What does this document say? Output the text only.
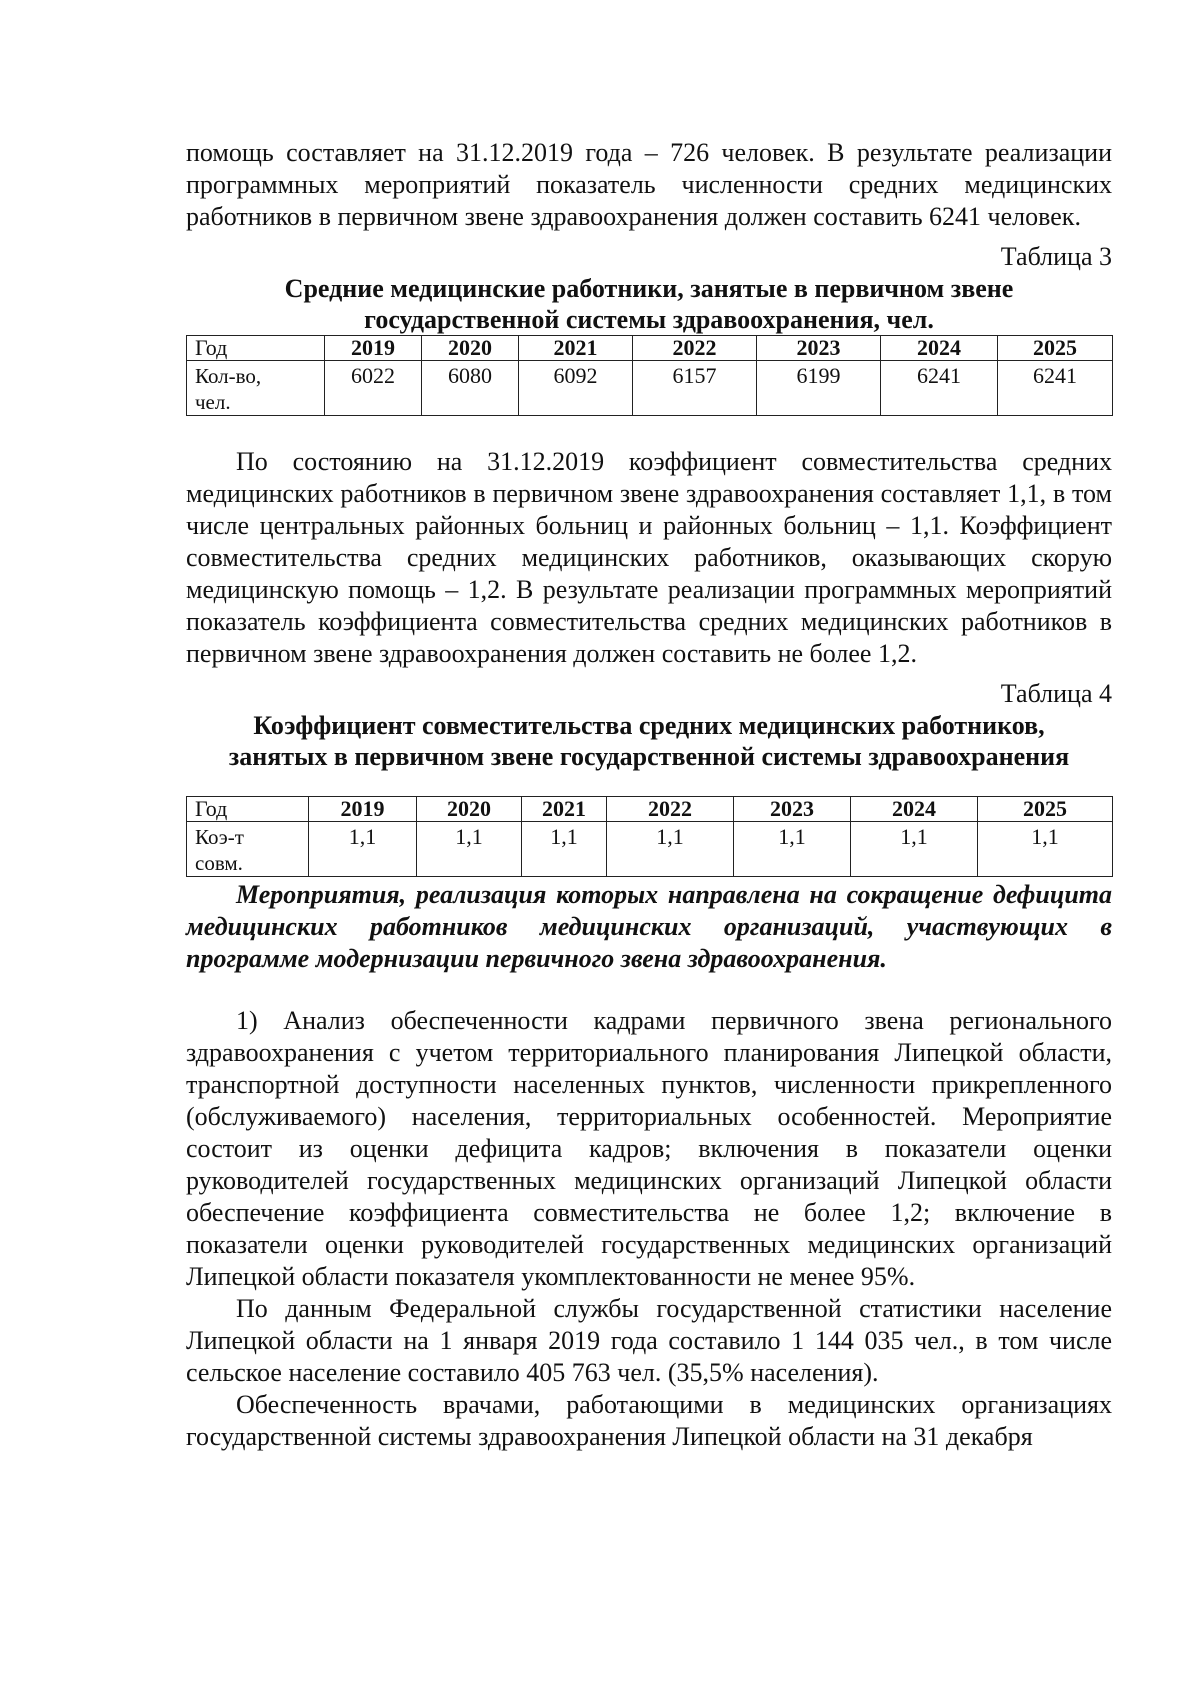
помощь составляет на 31.12.2019 года – 726 человек. В результате реализации программных мероприятий показатель численности средних медицинских работников в первичном звене здравоохранения должен составить 6241 человек.

Таблица 3

Средние медицинские работники, занятые в первичном звене
государственной системы здравоохранения, чел.
Год	2019	2020	2021	2022	2023	2024	2025

Кол-во,
чел.	6022	6080	6092	6157	6199	6241	6241

По состоянию на 31.12.2019 коэффициент совместительства средних медицинских работников в первичном звене здравоохранения составляет 1,1, в том числе центральных районных больниц и районных больниц – 1,1. Коэффициент совместительства средних медицинских работников, оказывающих скорую медицинскую помощь – 1,2. В результате реализации программных мероприятий показатель коэффициента совместительства средних медицинских работников в первичном звене здравоохранения должен составить не более 1,2.

Таблица 4

Коэффициент совместительства средних медицинских работников,
занятых в первичном звене государственной системы здравоохранения
Год	2019	2020	2021	2022	2023	2024	2025

Коэ-т
совм.	1,1	1,1	1,1	1,1	1,1	1,1	1,1

Мероприятия, реализация которых направлена на сокращение дефицита медицинских работников медицинских организаций, участвующих в программе модернизации первичного звена здравоохранения.

1) Анализ обеспеченности кадрами первичного звена регионального здравоохранения с учетом территориального планирования Липецкой области, транспортной доступности населенных пунктов, численности прикрепленного (обслуживаемого) населения, территориальных особенностей. Мероприятие состоит из оценки дефицита кадров; включения в показатели оценки руководителей государственных медицинских организаций Липецкой области обеспечение коэффициента совместительства не более 1,2; включение в показатели оценки руководителей государственных медицинских организаций Липецкой области показателя укомплектованности не менее 95%.

По данным Федеральной службы государственной статистики население Липецкой области на 1 января 2019 года составило 1 144 035 чел., в том числе сельское население составило 405 763 чел. (35,5% населения).

Обеспеченность врачами, работающими в медицинских организациях государственной системы здравоохранения Липецкой области на 31 декабря
